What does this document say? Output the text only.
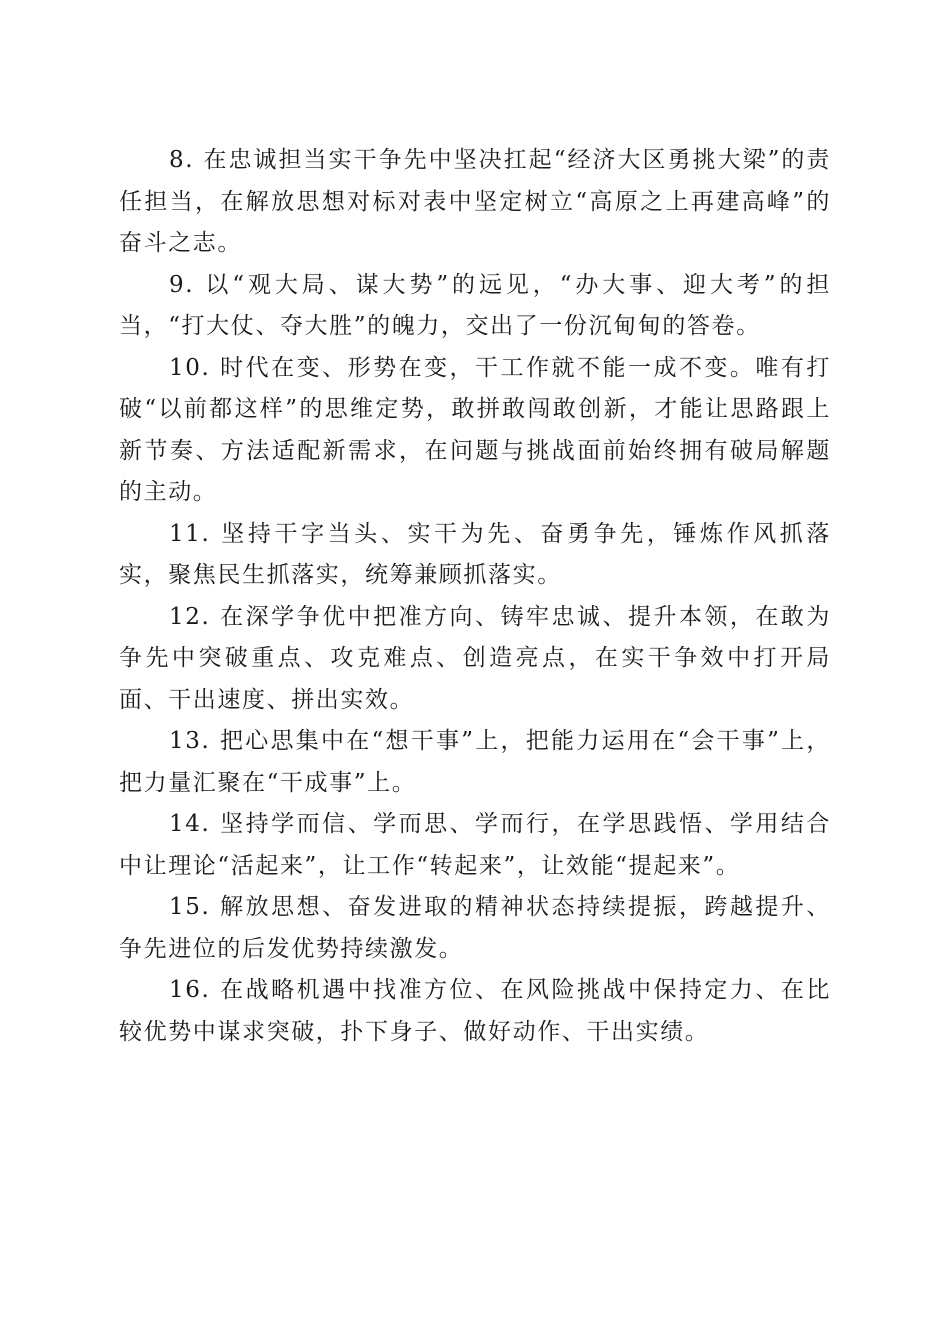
8. 在忠诚担当实干争先中坚决扛起“经济大区勇挑大梁”的责任担当，在解放思想对标对表中坚定树立“高原之上再建高峰”的奋斗之志。

9. 以“观大局、谋大势”的远见，“办大事、迎大考”的担当，“打大仗、夺大胜”的魄力，交出了一份沉甸甸的答卷。

10. 时代在变、形势在变，干工作就不能一成不变。唯有打破“以前都这样”的思维定势，敢拼敢闯敢创新，才能让思路跟上新节奏、方法适配新需求，在问题与挑战面前始终拥有破局解题的主动。

11. 坚持干字当头、实干为先、奋勇争先，锤炼作风抓落实，聚焦民生抓落实，统筹兼顾抓落实。

12. 在深学争优中把准方向、铸牢忠诚、提升本领，在敢为争先中突破重点、攻克难点、创造亮点，在实干争效中打开局面、干出速度、拼出实效。

13. 把心思集中在“想干事”上，把能力运用在“会干事”上，把力量汇聚在“干成事”上。

14. 坚持学而信、学而思、学而行，在学思践悟、学用结合中让理论“活起来”，让工作“转起来”，让效能“提起来”。

15. 解放思想、奋发进取的精神状态持续提振，跨越提升、争先进位的后发优势持续激发。

16. 在战略机遇中找准方位、在风险挑战中保持定力、在比较优势中谋求突破，扑下身子、做好动作、干出实绩。
